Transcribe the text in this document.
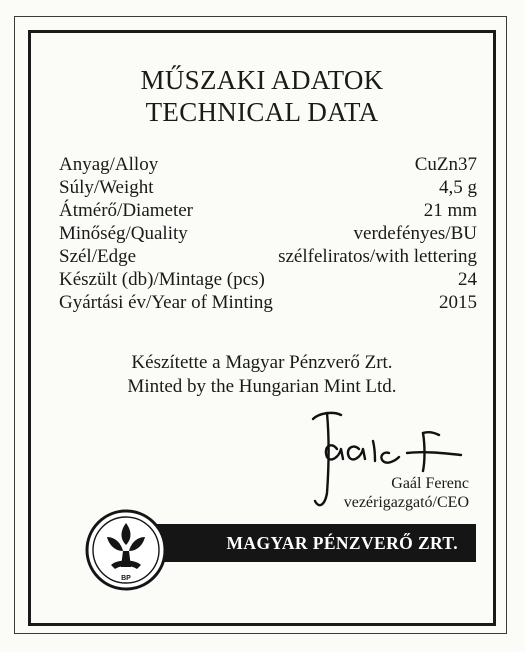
MŰSZAKI ADATOK
TECHNICAL DATA
Anyag/Alloy	CuZn37
Súly/Weight	4,5 g
Átmérő/Diameter	21 mm
Minőség/Quality	verdefényes/BU
Szél/Edge	szélfeliratos/with lettering
Készült (db)/Mintage (pcs)	24
Gyártási év/Year of Minting	2015
Készítette a Magyar Pénzverő Zrt.
Minted by the Hungarian Mint Ltd.
Gaál Ferenc
vezérigazgató/CEO
MAGYAR PÉNZVERŐ ZRT.
BP
